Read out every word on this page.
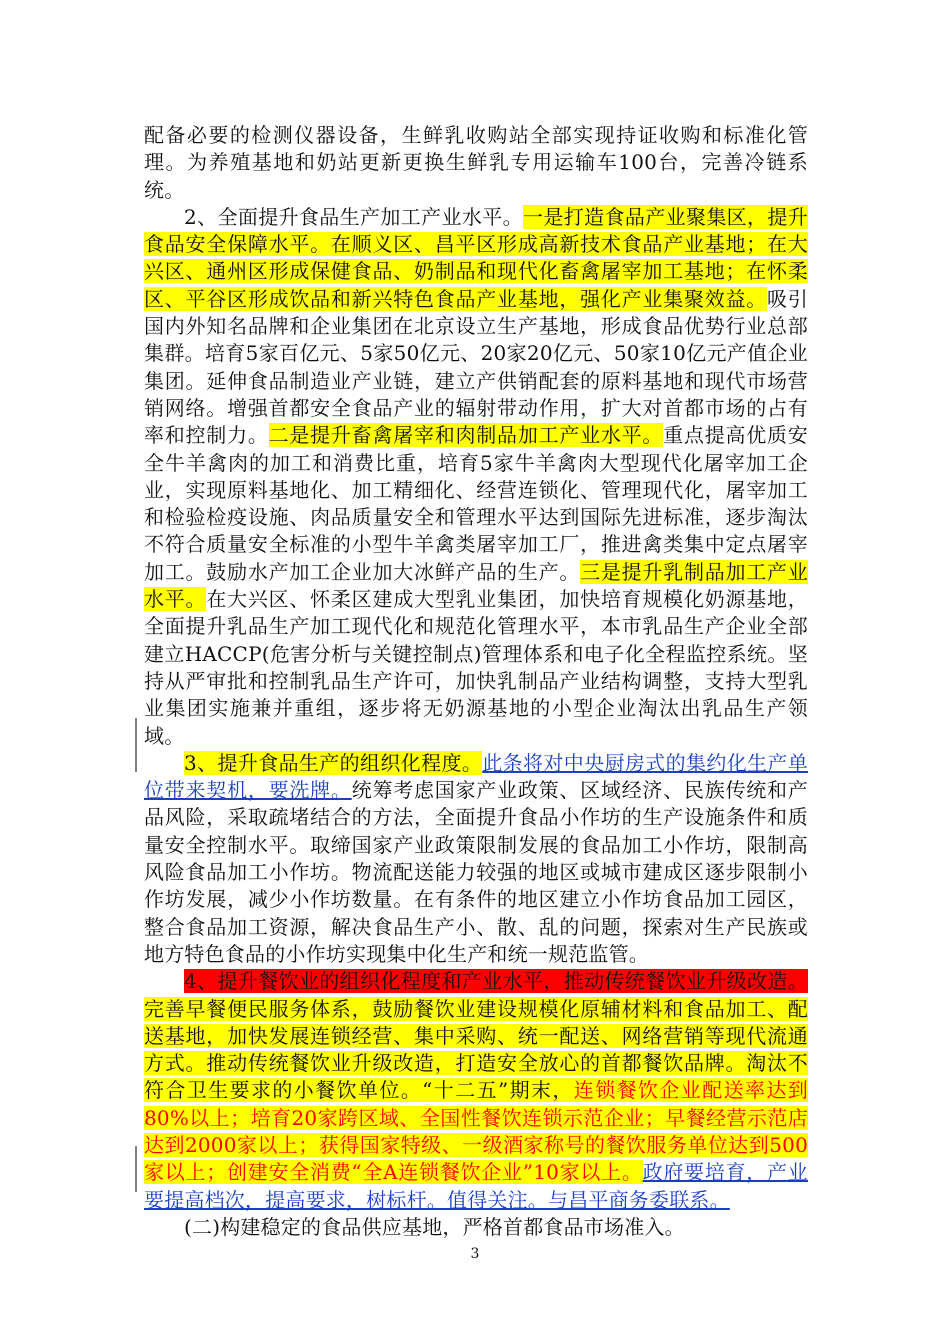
配备必要的检测仪器设备，生鲜乳收购站全部实现持证收购和标准化管理。为养殖基地和奶站更新更换生鲜乳专用运输车100台，完善冷链系统。

2、全面提升食品生产加工产业水平。一是打造食品产业聚集区，提升食品安全保障水平。在顺义区、昌平区形成高新技术食品产业基地；在大兴区、通州区形成保健食品、奶制品和现代化畜禽屠宰加工基地；在怀柔区、平谷区形成饮品和新兴特色食品产业基地，强化产业集聚效益。吸引国内外知名品牌和企业集团在北京设立生产基地，形成食品优势行业总部集群。培育5家百亿元、5家50亿元、20家20亿元、50家10亿元产值企业集团。延伸食品制造业产业链，建立产供销配套的原料基地和现代市场营销网络。增强首都安全食品产业的辐射带动作用，扩大对首都市场的占有率和控制力。二是提升畜禽屠宰和肉制品加工产业水平。重点提高优质安全牛羊禽肉的加工和消费比重，培育5家牛羊禽肉大型现代化屠宰加工企业，实现原料基地化、加工精细化、经营连锁化、管理现代化，屠宰加工和检验检疫设施、肉品质量安全和管理水平达到国际先进标准，逐步淘汰不符合质量安全标准的小型牛羊禽类屠宰加工厂，推进禽类集中定点屠宰加工。鼓励水产加工企业加大冰鲜产品的生产。三是提升乳制品加工产业水平。在大兴区、怀柔区建成大型乳业集团，加快培育规模化奶源基地，全面提升乳品生产加工现代化和规范化管理水平，本市乳品生产企业全部建立HACCP(危害分析与关键控制点)管理体系和电子化全程监控系统。坚持从严审批和控制乳品生产许可，加快乳制品产业结构调整，支持大型乳业集团实施兼并重组，逐步将无奶源基地的小型企业淘汰出乳品生产领域。

3、提升食品生产的组织化程度。此条将对中央厨房式的集约化生产单位带来契机，要洗牌。统筹考虑国家产业政策、区域经济、民族传统和产品风险，采取疏堵结合的方法，全面提升食品小作坊的生产设施条件和质量安全控制水平。取缔国家产业政策限制发展的食品加工小作坊，限制高风险食品加工小作坊。物流配送能力较强的地区或城市建成区逐步限制小作坊发展，减少小作坊数量。在有条件的地区建立小作坊食品加工园区，整合食品加工资源，解决食品生产小、散、乱的问题，探索对生产民族或地方特色食品的小作坊实现集中化生产和统一规范监管。

4、提升餐饮业的组织化程度和产业水平，推动传统餐饮业升级改造。完善早餐便民服务体系，鼓励餐饮业建设规模化原辅材料和食品加工、配送基地，加快发展连锁经营、集中采购、统一配送、网络营销等现代流通方式。推动传统餐饮业升级改造，打造安全放心的首都餐饮品牌。淘汰不符合卫生要求的小餐饮单位。“十二五”期末，连锁餐饮企业配送率达到80%以上；培育20家跨区域、全国性餐饮连锁示范企业；早餐经营示范店达到2000家以上；获得国家特级、一级酒家称号的餐饮服务单位达到500家以上；创建安全消费“全A连锁餐饮企业”10家以上。政府要培育，产业要提高档次，提高要求，树标杆。值得关注。与昌平商务委联系。

(二)构建稳定的食品供应基地，严格首都食品市场准入。

3
